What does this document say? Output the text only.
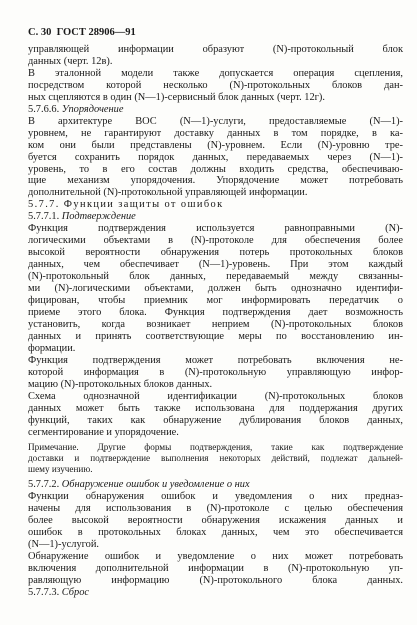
С. 30 ГОСТ 28906—91
управляющей информации образуют (N)-протокольный блок
данных (черт. 12в).
В эталонной модели также допускается операция сцепления,
посредством которой несколько (N)-протокольных блоков дан-
ных сцепляются в один (N—1)-сервисный блок данных (черт. 12г).
5.7.6.6. Упорядочение
В архитектуре ВОС (N—1)-услуги, предоставляемые (N—1)-
уровнем, не гарантируют доставку данных в том порядке, в ка-
ком они были представлены (N)-уровнем. Если (N)-уровню тре-
буется сохранить порядок данных, передаваемых через (N—1)-
уровень, то в его состав должны входить средства, обеспечиваю-
щие механизм упорядочения. Упорядочение может потребовать
дополнительной (N)-протокольной управляющей информации.
5.7.7. Функции защиты от ошибок
5.7.7.1. Подтверждение
Функция подтверждения используется равноправными (N)-
логическими объектами в (N)-протоколе для обеспечения более
высокой вероятности обнаружения потерь протокольных блоков
данных, чем обеспечивает (N—1)-уровень. При этом каждый
(N)-протокольный блок данных, передаваемый между связанны-
ми (N)-логическими объектами, должен быть однозначно идентифи-
фицирован, чтобы приемник мог информировать передатчик о
приеме этого блока. Функция подтверждения дает возможность
установить, когда возникает неприем (N)-протокольных блоков
данных и принять соответствующие меры по восстановлению ин-
формации.
Функция подтверждения может потребовать включения не-
которой информация в (N)-протокольную управляющую инфор-
мацию (N)-протокольных блоков данных.
Схема однозначной идентификации (N)-протокольных блоков
данных может быть также использована для поддержания других
функций, таких как обнаружение дублирования блоков данных,
сегментирование и упорядочение.
Примечание. Другие формы подтверждения, такие как подтверждение
доставки и подтверждение выполнения некоторых действий, подлежат дальней-
шему изучению.
5.7.7.2. Обнаружение ошибок и уведомление о них
Функции обнаружения ошибок и уведомления о них предназ-
начены для использования в (N)-протоколе с целью обеспечения
более высокой вероятности обнаружения искажения данных и
ошибок в протокольных блоках данных, чем это обеспечивается
(N—1)-услугой.
Обнаружение ошибок и уведомление о них может потребовать
включения дополнительной информации в (N)-протокольную уп-
равляющую информацию (N)-протокольного блока данных.
5.7.7.3. Сброс
